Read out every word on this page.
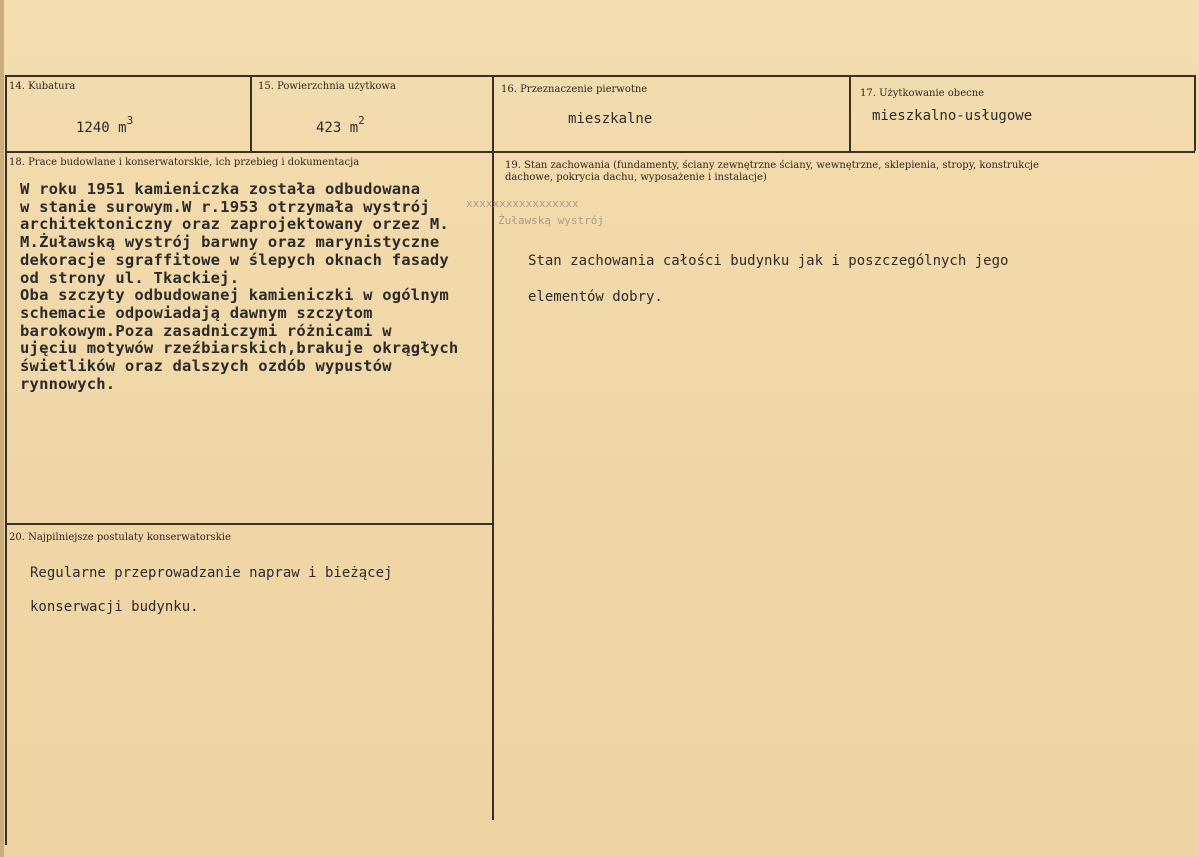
14. Kubatura
1240 $m^3$
15. Powierzchnia użytkowa
423 $m^2$
16. Przeznaczenie pierwotne
mieszkalne
17. Użytkowanie obecne
mieszkalno-usługowe
18. Prace budowlane i konserwatorskie, ich przebieg i dokumentacja
W roku 1951 kamieniczka została odbudowana
w stanie surowym.W r.1953 otrzymała wystrój
architektoniczny oraz zaprojektowany orzez M.
M.Żuławską wystrój barwny oraz marynistyczne
dekoracje sgraffitowe w ślepych oknach fasady
od strony ul. Tkackiej.
Oba szczyty odbudowanej kamieniczki w ogólnym
schemacie odpowiadają dawnym szczytom
barokowym.Poza zasadniczymi różnicami w
ujęciu motywów rzeźbiarskich,brakuje okrągłych
świetlików oraz dalszych ozdób wypustów
rynnowych.
xxxxxxxxxxxxxxxxx
Żuławską wystrój
19. Stan zachowania (fundamenty, ściany zewnętrzne ściany, wewnętrzne, sklepienia, stropy, konstrukcje dachowe, pokrycia dachu, wyposażenie i instalacje)
Stan zachowania całości budynku jak i poszczególnych jego
elementów dobry.
20. Najpilniejsze postulaty konserwatorskie
Regularne przeprowadzanie napraw i bieżącej
konserwacji budynku.
